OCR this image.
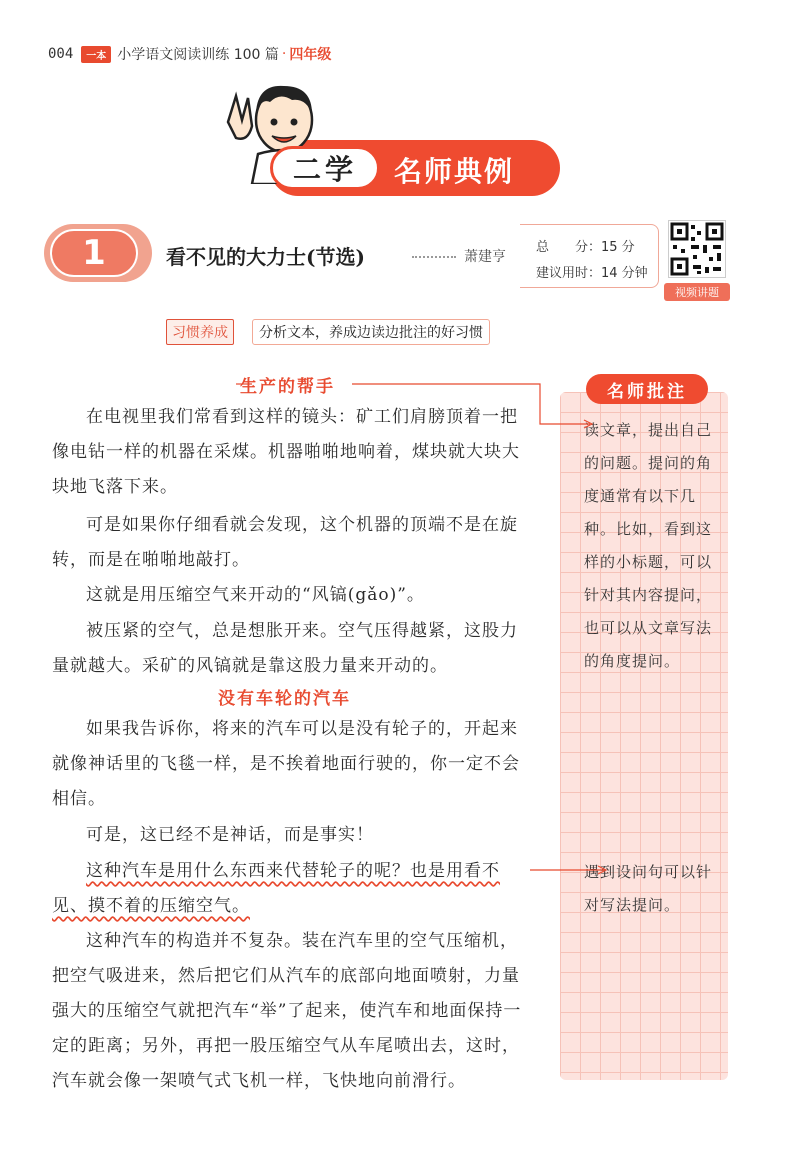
004	一本 小学语文阅读训练 100 篇 · 四年级
二学	名师典例
1	看不见的大力士(节选)	萧建亨
总　　分：15 分
建议用时：14 分钟
视频讲题
习惯养成	分析文本，养成边读边批注的好习惯
名师批注
读文章，提出自己的问题。提问的角度通常有以下几种。比如，看到这样的小标题，可以针对其内容提问，也可以从文章写法的角度提问。
遇到设问句可以针对写法提问。
生产的帮手
在电视里我们常看到这样的镜头：矿工们肩膀顶着一把像电钻一样的机器在采煤。机器啪啪地响着，煤块就大块大块地飞落下来。
可是如果你仔细看就会发现，这个机器的顶端不是在旋转，而是在啪啪地敲打。
这就是用压缩空气来开动的“风镐(gǎo)”。
被压紧的空气，总是想胀开来。空气压得越紧，这股力量就越大。采矿的风镐就是靠这股力量来开动的。
没有车轮的汽车
如果我告诉你，将来的汽车可以是没有轮子的，开起来就像神话里的飞毯一样，是不挨着地面行驶的，你一定不会相信。
可是，这已经不是神话，而是事实！
这种汽车是用什么东西来代替轮子的呢？也是用看不见、摸不着的压缩空气。
这种汽车的构造并不复杂。装在汽车里的空气压缩机，把空气吸进来，然后把它们从汽车的底部向地面喷射，力量强大的压缩空气就把汽车“举”了起来，使汽车和地面保持一定的距离；另外，再把一股压缩空气从车尾喷出去，这时，汽车就会像一架喷气式飞机一样，飞快地向前滑行。
